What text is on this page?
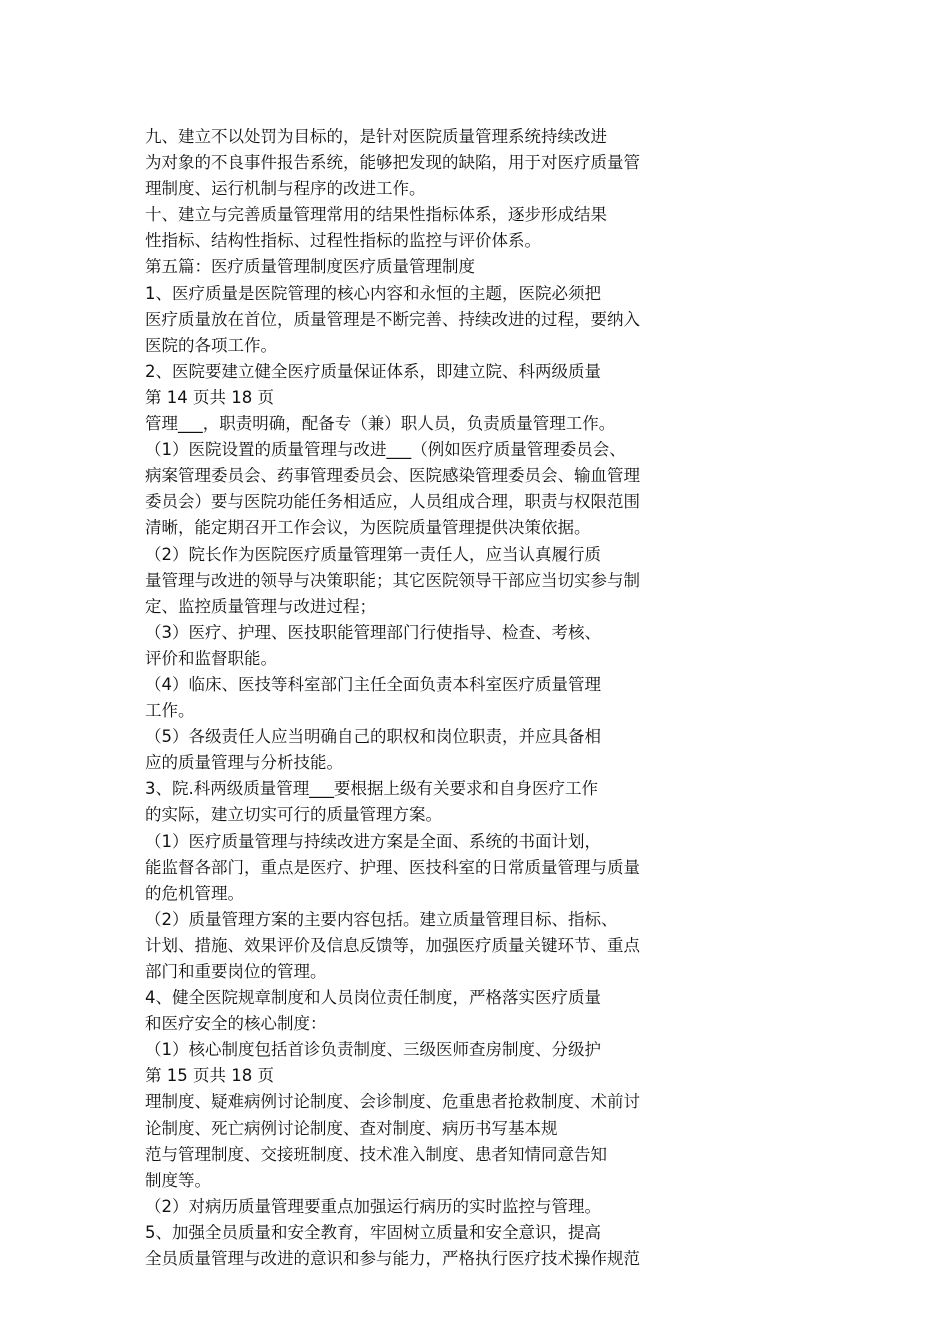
九、建立不以处罚为目标的，是针对医院质量管理系统持续改进

为对象的不良事件报告系统，能够把发现的缺陷，用于对医疗质量管

理制度、运行机制与程序的改进工作。

十、建立与完善质量管理常用的结果性指标体系，逐步形成结果

性指标、结构性指标、过程性指标的监控与评价体系。

第五篇：医疗质量管理制度医疗质量管理制度

1、医疗质量是医院管理的核心内容和永恒的主题，医院必须把

医疗质量放在首位，质量管理是不断完善、持续改进的过程，要纳入

医院的各项工作。

2、医院要建立健全医疗质量保证体系，即建立院、科两级质量

第 14 页共 18 页

管理___，职责明确，配备专（兼）职人员，负责质量管理工作。

（1）医院设置的质量管理与改进___（例如医疗质量管理委员会、

病案管理委员会、药事管理委员会、医院感染管理委员会、输血管理

委员会）要与医院功能任务相适应，人员组成合理，职责与权限范围

清晰，能定期召开工作会议，为医院质量管理提供决策依据。

（2）院长作为医院医疗质量管理第一责任人，应当认真履行质

量管理与改进的领导与决策职能；其它医院领导干部应当切实参与制

定、监控质量管理与改进过程；

（3）医疗、护理、医技职能管理部门行使指导、检查、考核、

评价和监督职能。

（4）临床、医技等科室部门主任全面负责本科室医疗质量管理

工作。

（5）各级责任人应当明确自己的职权和岗位职责，并应具备相

应的质量管理与分析技能。

3、院.科两级质量管理___要根据上级有关要求和自身医疗工作

的实际，建立切实可行的质量管理方案。

（1）医疗质量管理与持续改进方案是全面、系统的书面计划，

能监督各部门，重点是医疗、护理、医技科室的日常质量管理与质量

的危机管理。

（2）质量管理方案的主要内容包括。建立质量管理目标、指标、

计划、措施、效果评价及信息反馈等，加强医疗质量关键环节、重点

部门和重要岗位的管理。

4、健全医院规章制度和人员岗位责任制度，严格落实医疗质量

和医疗安全的核心制度：

（1）核心制度包括首诊负责制度、三级医师查房制度、分级护

第 15 页共 18 页

理制度、疑难病例讨论制度、会诊制度、危重患者抢救制度、术前讨

论制度、死亡病例讨论制度、查对制度、病历书写基本规

范与管理制度、交接班制度、技术准入制度、患者知情同意告知

制度等。

（2）对病历质量管理要重点加强运行病历的实时监控与管理。

5、加强全员质量和安全教育，牢固树立质量和安全意识，提高

全员质量管理与改进的意识和参与能力，严格执行医疗技术操作规范
